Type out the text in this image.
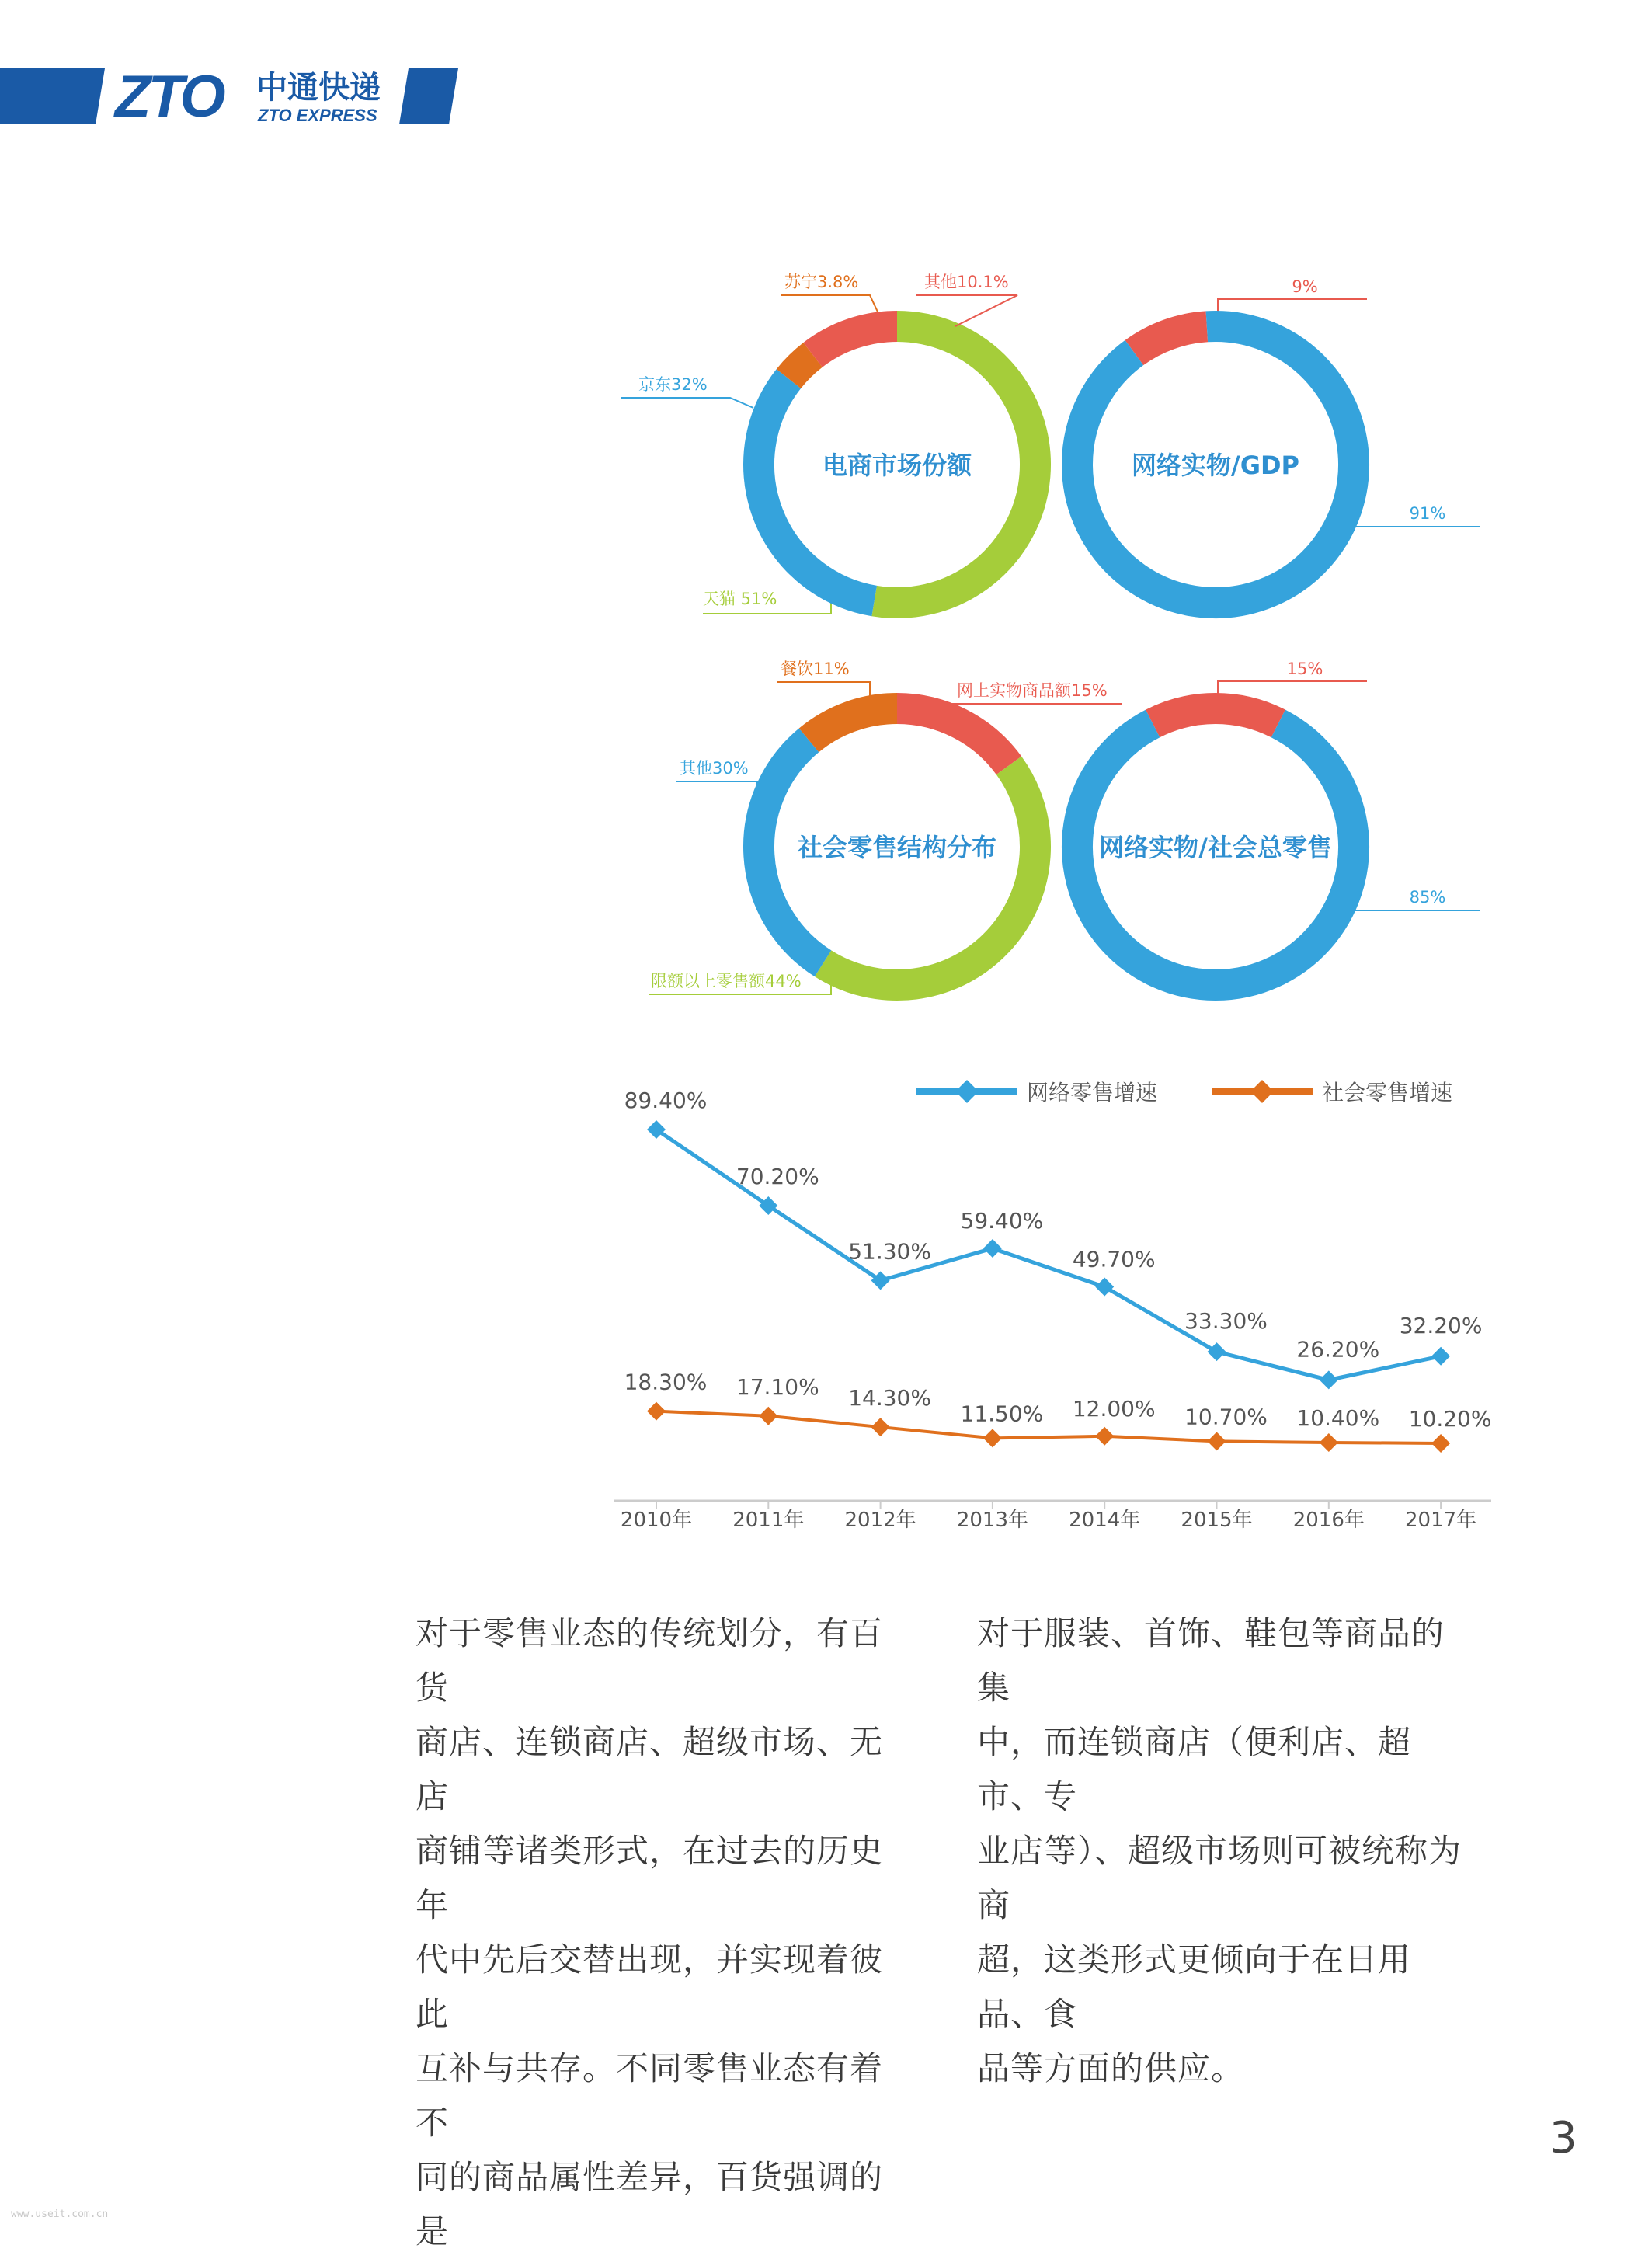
ZTO 中通快递
ZTO EXPRESS
天猫 51%
京东32%
苏宁3.8%	其他10.1%
电商市场份额
9%
91%
网络实物/GDP
网上实物商品额15%
限额以上零售额44%
其他30%
餐饮11%
社会零售结构分布
15%
85%
网络实物/社会总零售
2010年 2011年 2012年 2013年 2014年 2015年 2016年 2017年
89.40%
70.20%
51.30%
59.40%
49.70%
33.30%
26.20%
32.20%
18.30% 17.10% 14.30%
11.50% 12.00% 10.70% 10.40% 10.20%
网络零售增速	社会零售增速
对于零售业态的传统划分，有百货
商店、连锁商店、超级市场、无店
商铺等诸类形式，在过去的历史年
代中先后交替出现，并实现着彼此
互补与共存。不同零售业态有着不
同的商品属性差异，百货强调的是
对于服装、首饰、鞋包等商品的集
中，而连锁商店（便利店、超市、专
业店等）、超级市场则可被统称为商
超，这类形式更倾向于在日用品、食
品等方面的供应。
3
www.useit.com.cn
